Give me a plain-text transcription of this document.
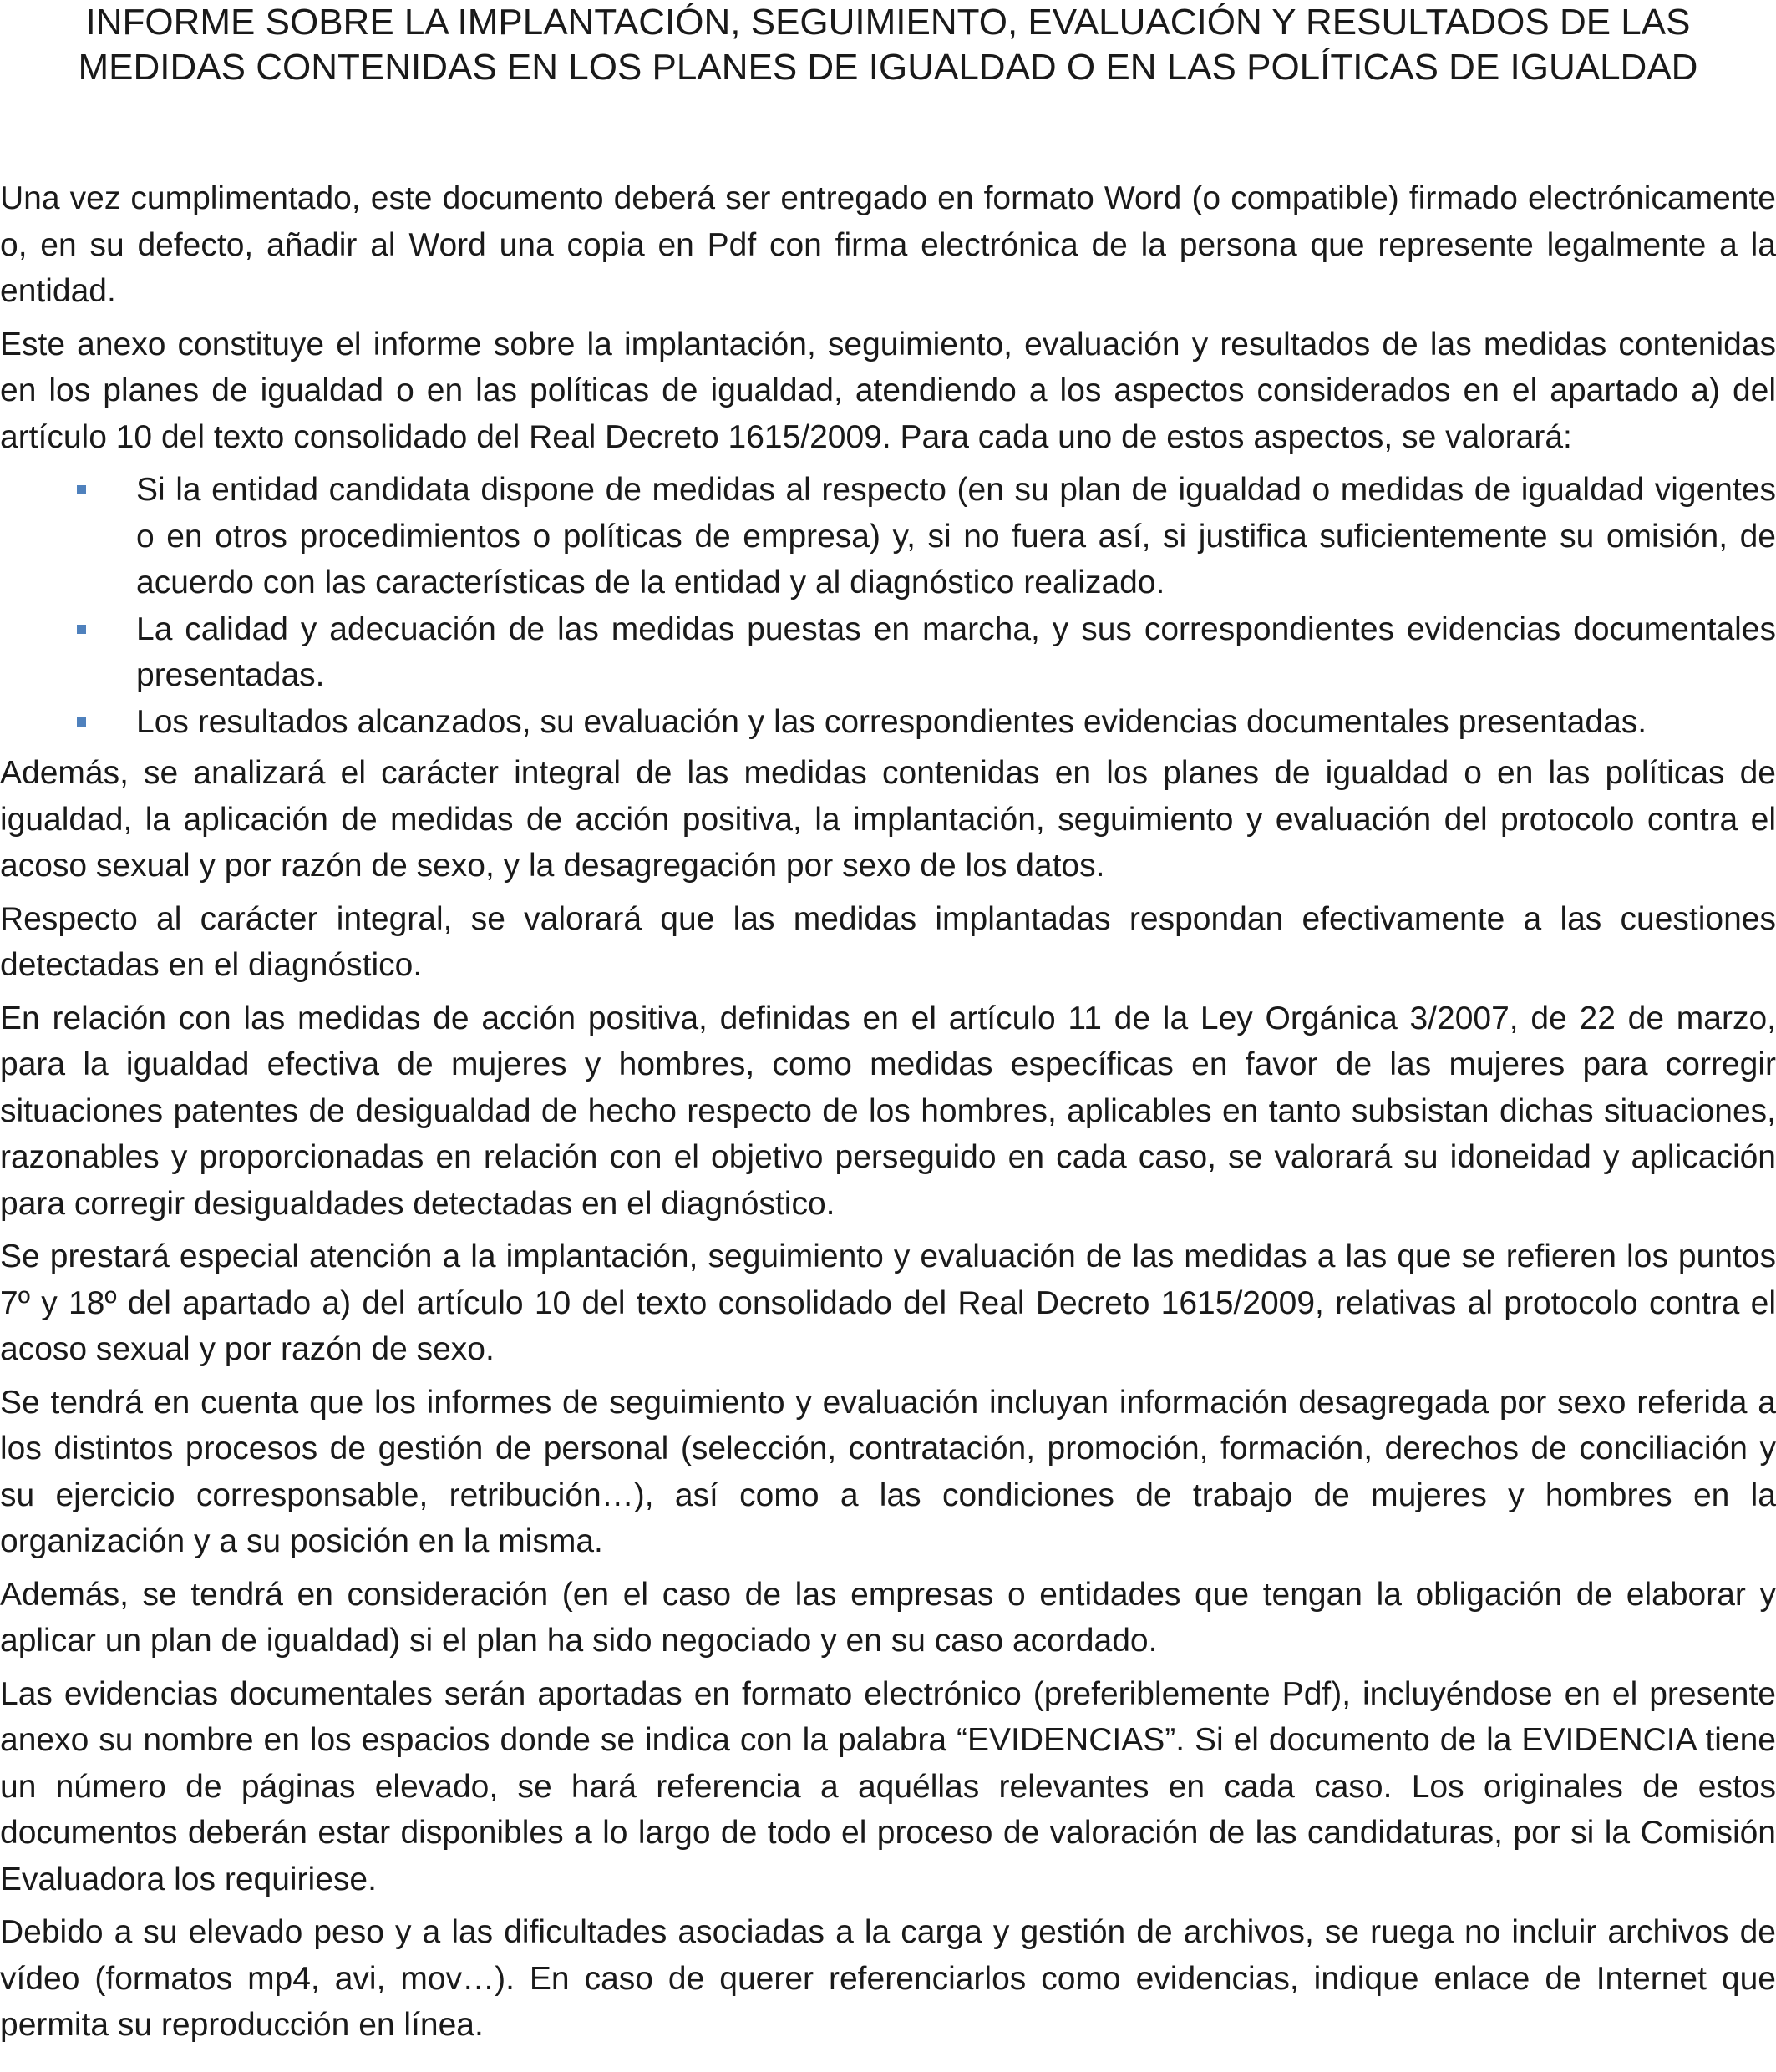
INFORME SOBRE LA IMPLANTACIÓN, SEGUIMIENTO, EVALUACIÓN Y RESULTADOS DE LAS
MEDIDAS CONTENIDAS EN LOS PLANES DE IGUALDAD O EN LAS POLÍTICAS DE IGUALDAD

Una vez cumplimentado, este documento deberá ser entregado en formato Word (o compatible) firmado electrónicamente o, en su defecto, añadir al Word una copia en Pdf con firma electrónica de la persona que represente legalmente a la entidad.

Este anexo constituye el informe sobre la implantación, seguimiento, evaluación y resultados de las medidas contenidas en los planes de igualdad o en las políticas de igualdad, atendiendo a los aspectos considerados en el apartado a) del artículo 10 del texto consolidado del Real Decreto 1615/2009. Para cada uno de estos aspectos, se valorará:

Si la entidad candidata dispone de medidas al respecto (en su plan de igualdad o medidas de igualdad vigentes o en otros procedimientos o políticas de empresa) y, si no fuera así, si justifica suficientemente su omisión, de acuerdo con las características de la entidad y al diagnóstico realizado.
La calidad y adecuación de las medidas puestas en marcha, y sus correspondientes evidencias documentales presentadas.
Los resultados alcanzados, su evaluación y las correspondientes evidencias documentales presentadas.

Además, se analizará el carácter integral de las medidas contenidas en los planes de igualdad o en las políticas de igualdad, la aplicación de medidas de acción positiva, la implantación, seguimiento y evaluación del protocolo contra el acoso sexual y por razón de sexo, y la desagregación por sexo de los datos.

Respecto al carácter integral, se valorará que las medidas implantadas respondan efectivamente a las cuestiones detectadas en el diagnóstico.

En relación con las medidas de acción positiva, definidas en el artículo 11 de la Ley Orgánica 3/2007, de 22 de marzo, para la igualdad efectiva de mujeres y hombres, como medidas específicas en favor de las mujeres para corregir situaciones patentes de desigualdad de hecho respecto de los hombres, aplicables en tanto subsistan dichas situaciones, razonables y proporcionadas en relación con el objetivo perseguido en cada caso, se valorará su idoneidad y aplicación para corregir desigualdades detectadas en el diagnóstico.

Se prestará especial atención a la implantación, seguimiento y evaluación de las medidas a las que se refieren los puntos 7º y 18º del apartado a) del artículo 10 del texto consolidado del Real Decreto 1615/2009, relativas al protocolo contra el acoso sexual y por razón de sexo.

Se tendrá en cuenta que los informes de seguimiento y evaluación incluyan información desagregada por sexo referida a los distintos procesos de gestión de personal (selección, contratación, promoción, formación, derechos de conciliación y su ejercicio corresponsable, retribución…), así como a las condiciones de trabajo de mujeres y hombres en la organización y a su posición en la misma.

Además, se tendrá en consideración (en el caso de las empresas o entidades que tengan la obligación de elaborar y aplicar un plan de igualdad) si el plan ha sido negociado y en su caso acordado.

Las evidencias documentales serán aportadas en formato electrónico (preferiblemente Pdf), incluyéndose en el presente anexo su nombre en los espacios donde se indica con la palabra “EVIDENCIAS”. Si el documento de la EVIDENCIA tiene un número de páginas elevado, se hará referencia a aquéllas relevantes en cada caso. Los originales de estos documentos deberán estar disponibles a lo largo de todo el proceso de valoración de las candidaturas, por si la Comisión Evaluadora los requiriese.

Debido a su elevado peso y a las dificultades asociadas a la carga y gestión de archivos, se ruega no incluir archivos de vídeo (formatos mp4, avi, mov…). En caso de querer referenciarlos como evidencias, indique enlace de Internet que permita su reproducción en línea.
